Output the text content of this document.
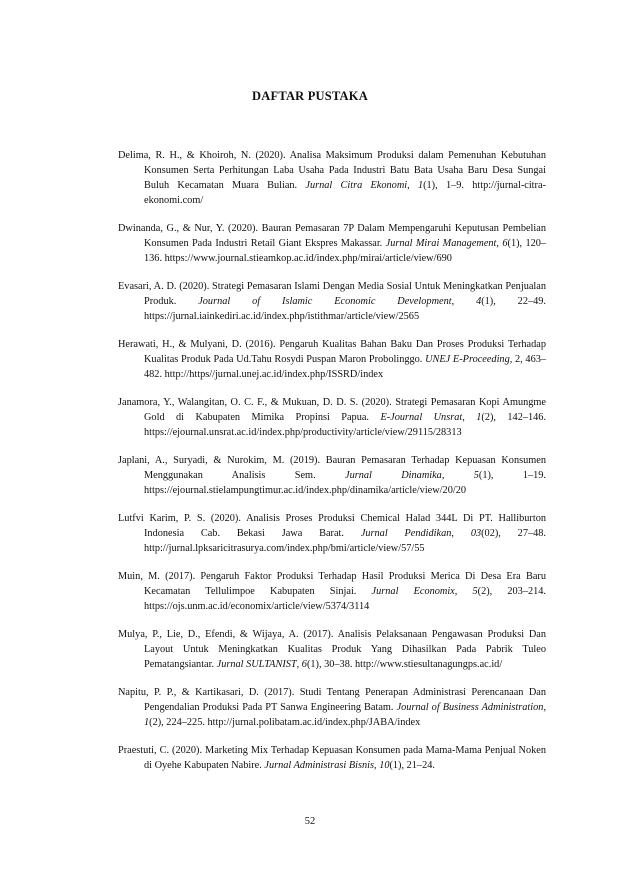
DAFTAR PUSTAKA

Delima, R. H., & Khoiroh, N. (2020). Analisa Maksimum Produksi dalam Pemenuhan Kebutuhan Konsumen Serta Perhitungan Laba Usaha Pada Industri Batu Bata Usaha Baru Desa Sungai Buluh Kecamatan Muara Bulian. Jurnal Citra Ekonomi, 1(1), 1–9. http://jurnal-citra-ekonomi.com/

Dwinanda, G., & Nur, Y. (2020). Bauran Pemasaran 7P Dalam Mempengaruhi Keputusan Pembelian Konsumen Pada Industri Retail Giant Ekspres Makassar. Jurnal Mirai Management, 6(1), 120–136. https://www.journal.stieamkop.ac.id/index.php/mirai/article/view/690

Evasari, A. D. (2020). Strategi Pemasaran Islami Dengan Media Sosial Untuk Meningkatkan Penjualan Produk. Journal of Islamic Economic Development, 4(1), 22–49. https://jurnal.iainkediri.ac.id/index.php/istithmar/article/view/2565

Herawati, H., & Mulyani, D. (2016). Pengaruh Kualitas Bahan Baku Dan Proses Produksi Terhadap Kualitas Produk Pada Ud.Tahu Rosydi Puspan Maron Probolinggo. UNEJ E-Proceeding, 2, 463–482. http://https//jurnal.unej.ac.id/index.php/ISSRD/index

Janamora, Y., Walangitan, O. C. F., & Mukuan, D. D. S. (2020). Strategi Pemasaran Kopi Amungme Gold di Kabupaten Mimika Propinsi Papua. E-Journal Unsrat, 1(2), 142–146. https://ejournal.unsrat.ac.id/index.php/productivity/article/view/29115/28313

Japlani, A., Suryadi, & Nurokim, M. (2019). Bauran Pemasaran Terhadap Kepuasan Konsumen Menggunakan Analisis Sem.	Jurnal Dinamika,	5(1), 1–19. https://ejournal.stielampungtimur.ac.id/index.php/dinamika/article/view/20/20

Lutfvi Karim, P. S. (2020). Analisis Proses Produksi Chemical Halad 344L Di PT. Halliburton Indonesia Cab. Bekasi Jawa Barat. Jurnal Pendidikan, 03(02), 27–48. http://jurnal.lpksaricitrasurya.com/index.php/bmi/article/view/57/55

Muin, M. (2017). Pengaruh Faktor Produksi Terhadap Hasil Produksi Merica Di Desa Era Baru Kecamatan Tellulimpoe Kabupaten Sinjai. Jurnal Economix, 5(2), 203–214. https://ojs.unm.ac.id/economix/article/view/5374/3114

Mulya, P., Lie, D., Efendi, & Wijaya, A. (2017). Analisis Pelaksanaan Pengawasan Produksi Dan Layout Untuk Meningkatkan Kualitas Produk Yang Dihasilkan Pada Pabrik Tuleo Pematangsiantar. Jurnal SULTANIST, 6(1), 30–38. http://www.stiesultanagungps.ac.id/

Napitu, P. P., & Kartikasari, D. (2017). Studi Tentang Penerapan Administrasi Perencanaan Dan Pengendalian Produksi Pada PT Sanwa Engineering Batam. Journal of Business Administration, 1(2), 224–225. http://jurnal.polibatam.ac.id/index.php/JABA/index

Praestuti, C. (2020). Marketing Mix Terhadap Kepuasan Konsumen pada Mama-Mama Penjual Noken di Oyehe Kabupaten Nabire. Jurnal Administrasi Bisnis, 10(1), 21–24.

52
